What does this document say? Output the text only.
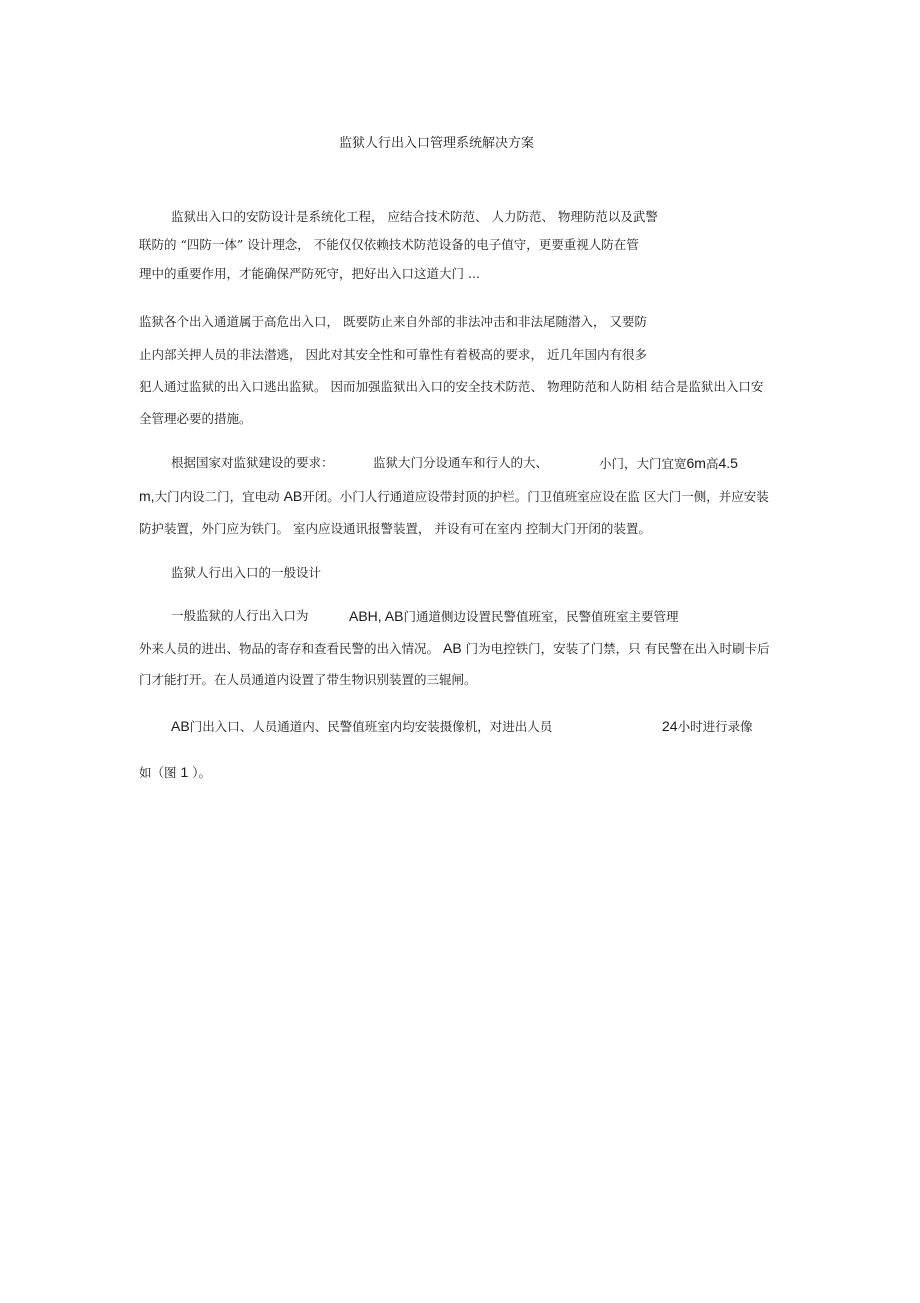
监狱人行出入口管理系统解决方案
监狱出入口的安防设计是系统化工程， 应结合技术防范、 人力防范、 物理防范以及武警
联防的 “四防一体” 设计理念， 不能仅仅依赖技术防范设备的电子值守，更要重视人防在管
理中的重要作用，才能确保严防死守，把好出入口这道大门 ...
监狱各个出入通道属于高危出入口， 既要防止来自外部的非法冲击和非法尾随潜入， 又要防
止内部关押人员的非法潜逃， 因此对其安全性和可靠性有着极高的要求， 近几年国内有很多
犯人通过监狱的出入口逃出监狱。 因而加强监狱出入口的安全技术防范、 物理防范和人防相 结合是监狱出入口安
全管理必要的措施。
根据国家对监狱建设的要求：	监狱大门分设通车和行人的大、	小门，大门宜宽6m高4.5
m,大门内设二门，宜电动 AB开闭。小门人行通道应设带封顶的护栏。门卫值班室应设在监 区大门一侧，并应安装
防护装置，外门应为铁门。 室内应设通讯报警装置， 并设有可在室内 控制大门开闭的装置。
监狱人行出入口的一般设计
一般监狱的人行出入口为	ABH, AB门通道侧边设置民警值班室，民警值班室主要管理
外来人员的进出、物品的寄存和查看民警的出入情况。 AB 门为电控铁门，安装了门禁，只 有民警在出入时刷卡后
门才能打开。在人员通道内设置了带生物识别装置的三辊闸。
AB门出入口、人员通道内、民警值班室内均安装摄像机，对进出人员	24小时进行录像
如（图 1 ）。
